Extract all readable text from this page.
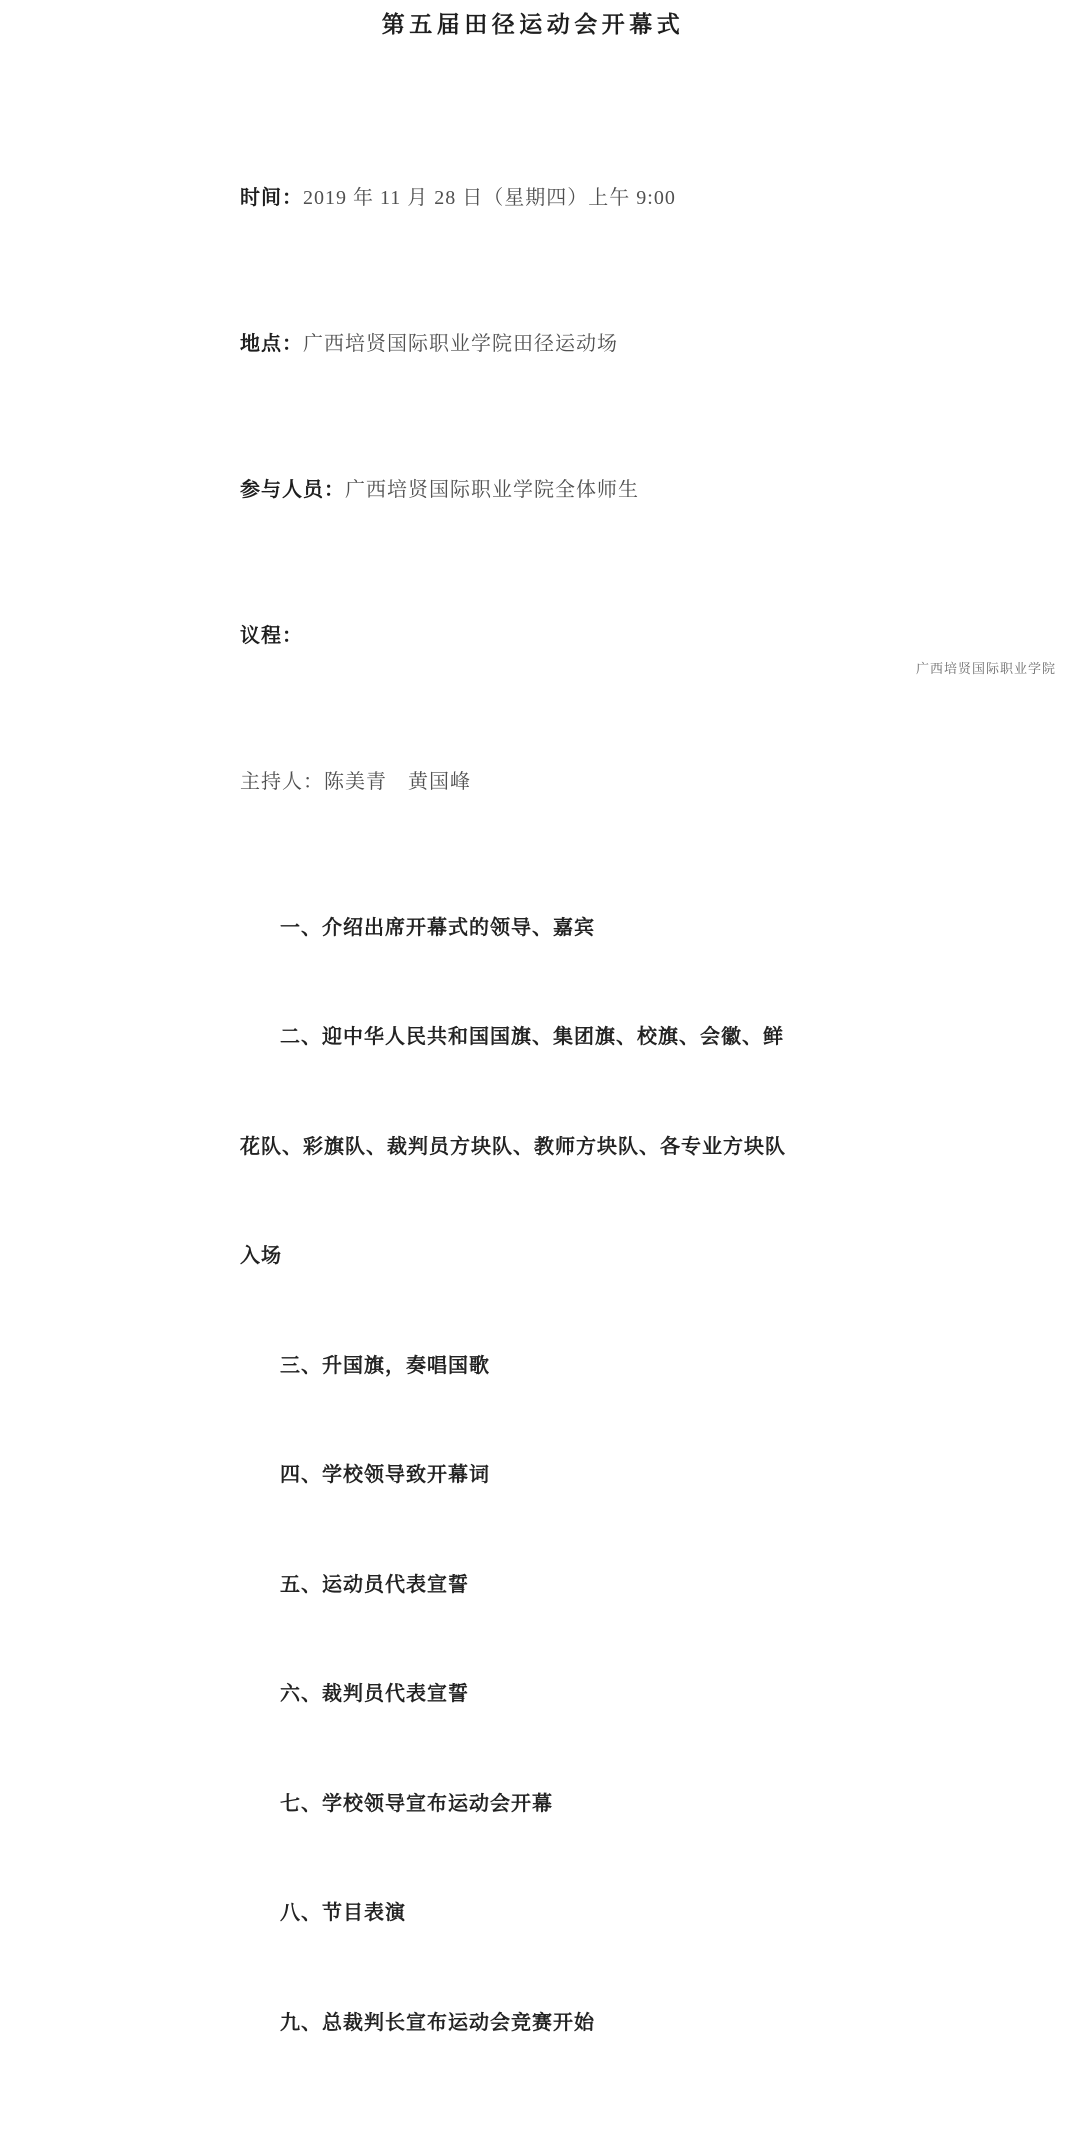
第五届田径运动会开幕式

时间：2019 年 11 月 28 日（星期四）上午 9:00

地点：广西培贤国际职业学院田径运动场

参与人员：广西培贤国际职业学院全体师生

议程：

主持人：陈美青　黄国峰

一、介绍出席开幕式的领导、嘉宾

二、迎中华人民共和国国旗、集团旗、校旗、会徽、鲜

花队、彩旗队、裁判员方块队、教师方块队、各专业方块队

入场

三、升国旗，奏唱国歌

四、学校领导致开幕词

五、运动员代表宣誓

六、裁判员代表宣誓

七、学校领导宣布运动会开幕

八、节目表演

九、总裁判长宣布运动会竞赛开始

广西培贤国际职业学院
